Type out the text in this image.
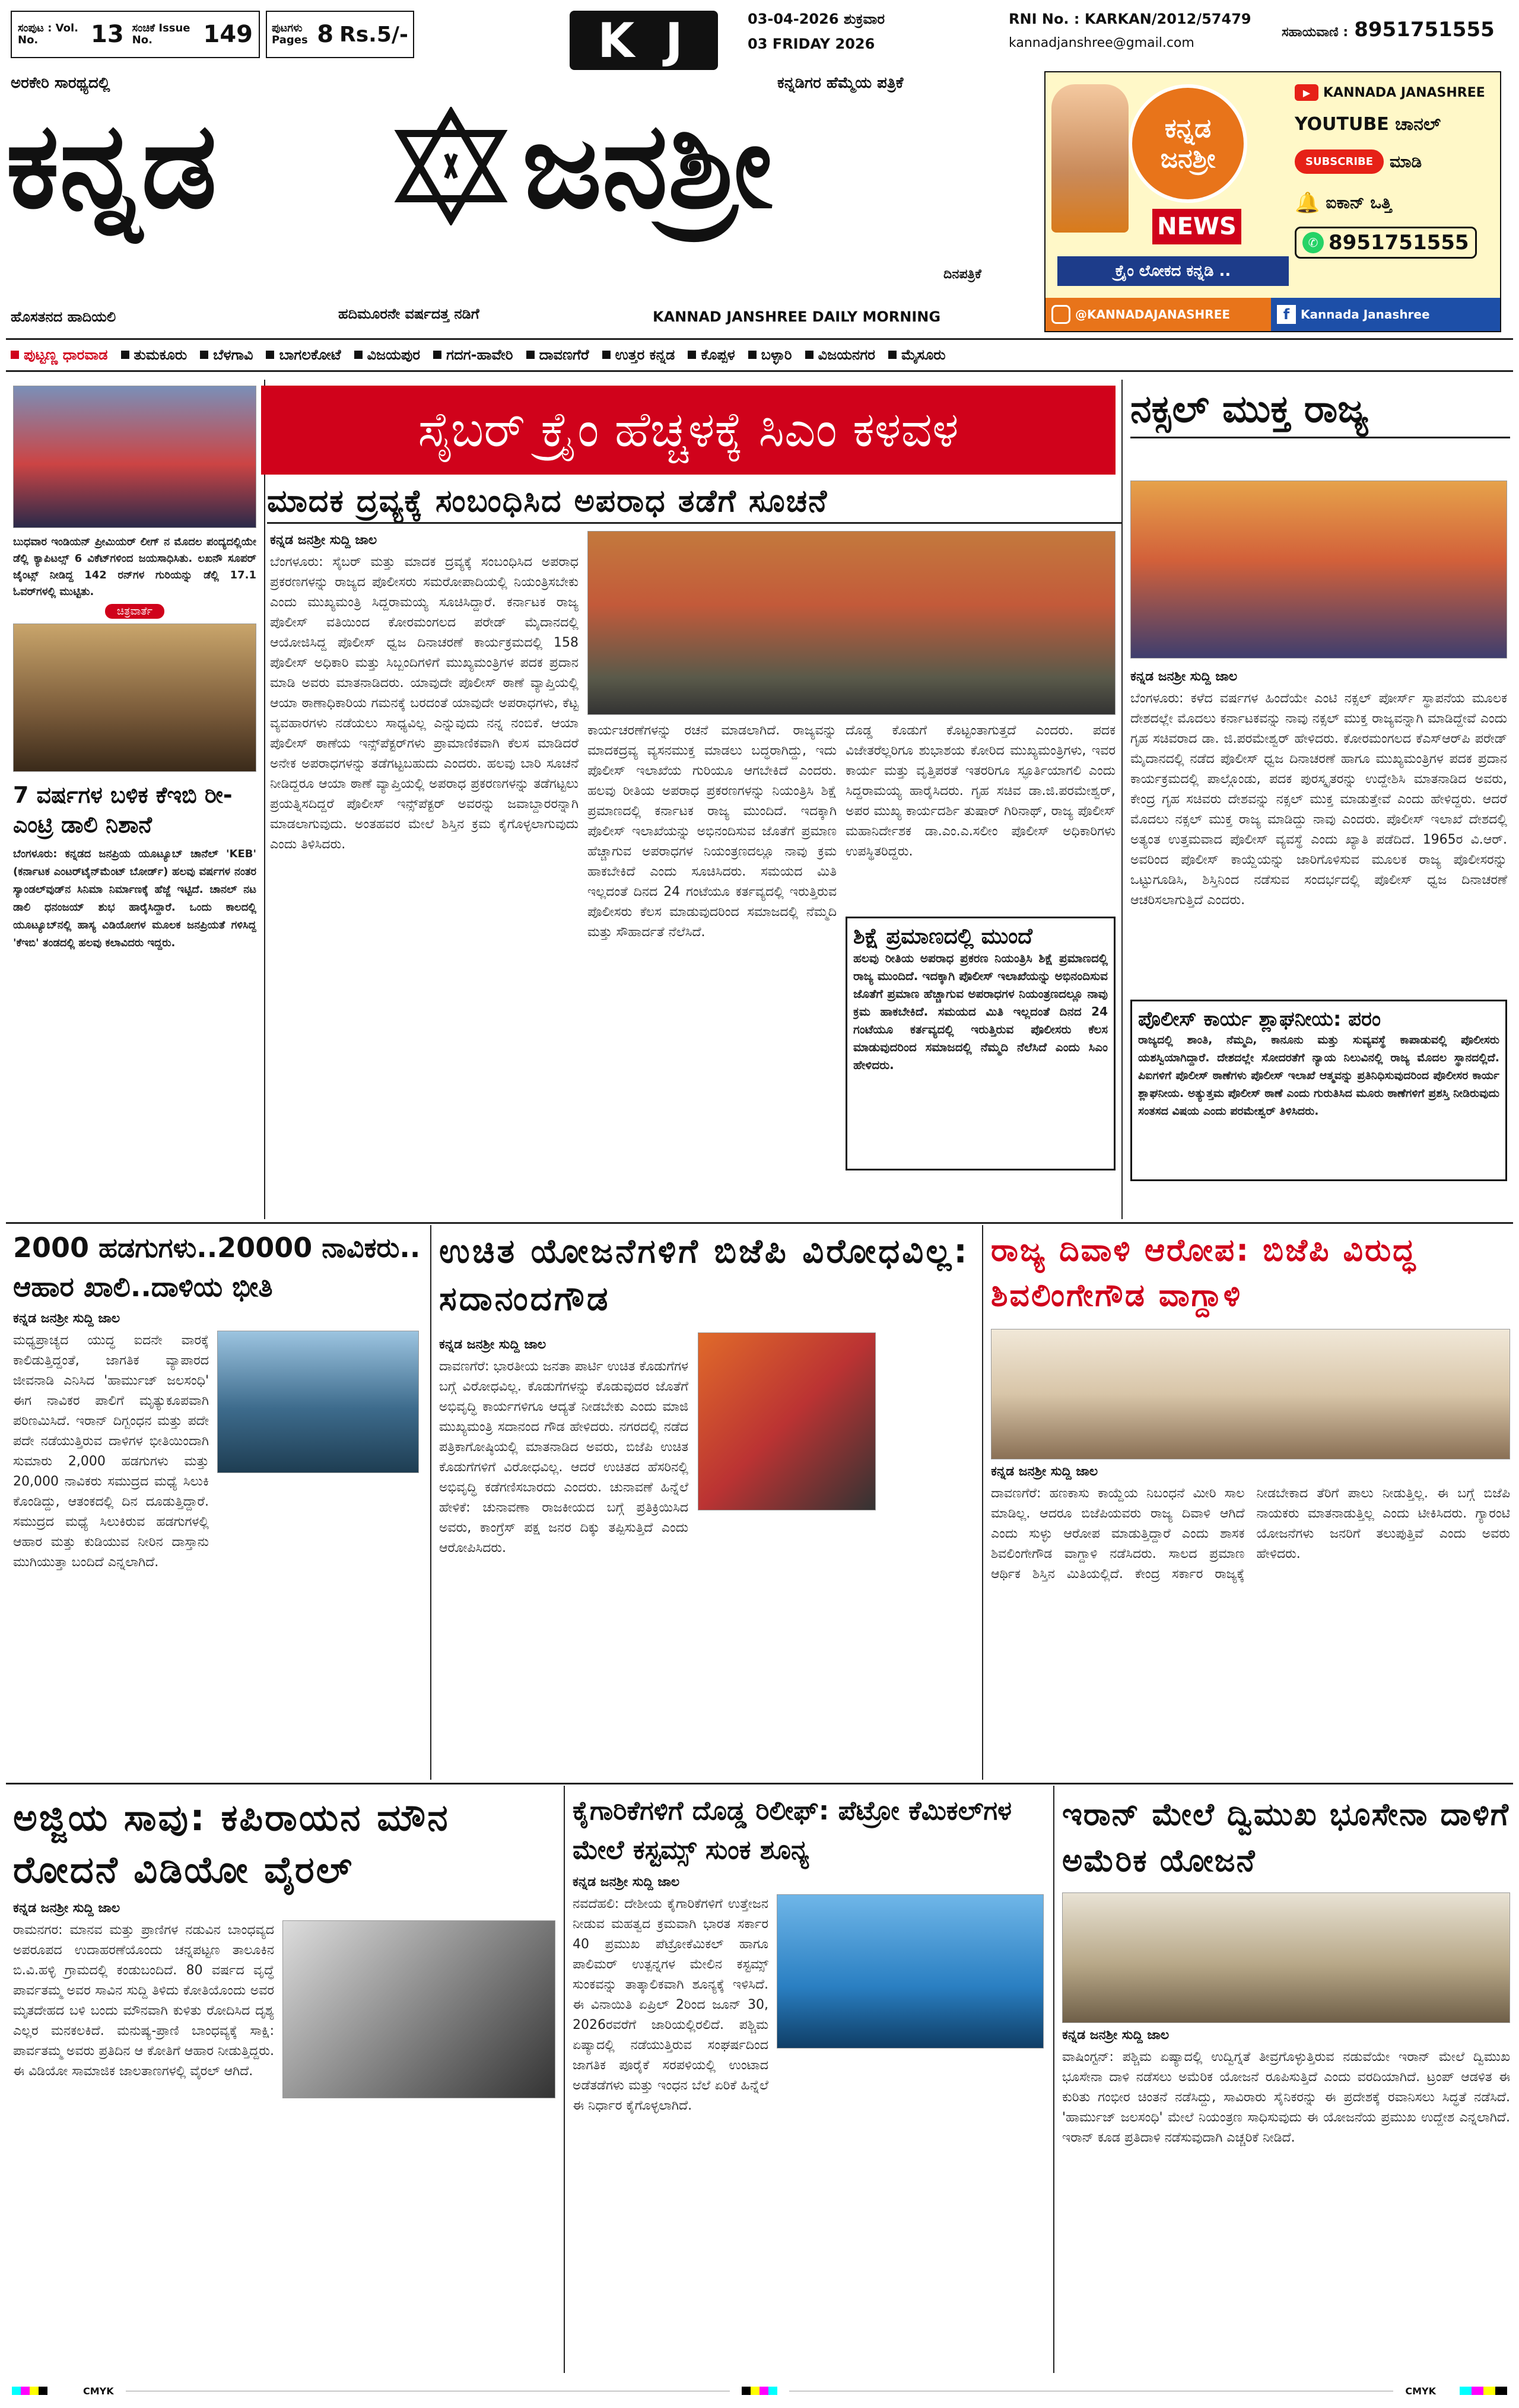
ಸಂಪುಟ : Vol. No.	13 ಸಂಚಿಕೆ Issue No.	149 ಪುಟಗಳು Pages 8 Rs.5/-	K J	03-04-2026 ಶುಕ್ರವಾರ
03 FRIDAY 2026
RNI No. : KARKAN/2012/57479
kannadjanshree@gmail.com
ಸಹಾಯವಾಣಿ : 8951751555
ಅರಕೇರಿ ಸಾರಥ್ಯದಲ್ಲಿ	ಕನ್ನಡಿಗರ ಹೆಮ್ಮೆಯ ಪತ್ರಿಕೆ
ಕನ್ನಡ	ಜನಶ್ರೀ
ದಿನಪತ್ರಿಕೆ
ಹೊಸತನದ ಹಾದಿಯಲಿ	ಹದಿಮೂರನೇ ವರ್ಷದತ್ತ ನಡಿಗೆ	KANNAD JANSHREE DAILY MORNING
ಕನ್ನಡ
ಜನಶ್ರೀ
NEWS
ಕ್ರೈಂ ಲೋಕದ ಕನ್ನಡಿ ..
▶ KANNADA JANASHREE
YOUTUBE ಚಾನಲ್
SUBSCRIBE	ಮಾಡಿ
🔔 ಐಕಾನ್ ಒತ್ತಿ
✆ 8951751555
@KANNADAJANASHREE	f Kannada Janashree
ಪುಟ್ಟಣ್ಣ ಧಾರವಾಡ	ತುಮಕೂರು	ಬೆಳಗಾವಿ	ಬಾಗಲಕೋಟೆ	ವಿಜಯಪುರ	ಗದಗ-ಹಾವೇರಿ	ದಾವಣಗೆರೆ	ಉತ್ತರ ಕನ್ನಡ	ಕೊಪ್ಪಳ	ಬಳ್ಳಾರಿ	ವಿಜಯನಗರ	ಮೈಸೂರು
ಬುಧವಾರ ಇಂಡಿಯನ್ ಪ್ರೀಮಿಯರ್ ಲೀಗ್ ನ ಮೊದಲ ಪಂದ್ಯದಲ್ಲಿಯೇ ಡೆಲ್ಲಿ ಕ್ಯಾಪಿಟಲ್ಸ್ 6 ವಿಕೆಟ್‌ಗಳಿಂದ ಜಯಸಾಧಿಸಿತು. ಲಖನೌ ಸೂಪರ್ ಜೈಂಟ್ಸ್ ನೀಡಿದ್ದ 142 ರನ್‌ಗಳ ಗುರಿಯನ್ನು ಡೆಲ್ಲಿ 17.1 ಓವರ್‌ಗಳಲ್ಲಿ ಮುಟ್ಟಿತು.
ಚಿತ್ರವಾರ್ತೆ
7 ವರ್ಷಗಳ ಬಳಿಕ ಕೆಇಬಿ ರೀ-ಎಂಟ್ರಿ ಡಾಲಿ ನಿಶಾನೆ
ಬೆಂಗಳೂರು: ಕನ್ನಡದ ಜನಪ್ರಿಯ ಯೂಟ್ಯೂಬ್ ಚಾನೆಲ್ 'KEB' (ಕರ್ನಾಟಕ ಎಂಟರ್‌ಟೈನ್‌ಮೆಂಟ್ ಬೋರ್ಡ್) ಹಲವು ವರ್ಷಗಳ ನಂತರ ಸ್ಯಾಂಡಲ್‌ವುಡ್‌ನ ಸಿನಿಮಾ ನಿರ್ಮಾಣಕ್ಕೆ ಹೆಜ್ಜೆ ಇಟ್ಟಿದೆ. ಚಾನಲ್ ನಟ ಡಾಲಿ ಧನಂಜಯ್ ಶುಭ ಹಾರೈಸಿದ್ದಾರೆ. ಒಂದು ಕಾಲದಲ್ಲಿ ಯೂಟ್ಯೂಬ್‌ನಲ್ಲಿ ಹಾಸ್ಯ ವಿಡಿಯೋಗಳ ಮೂಲಕ ಜನಪ್ರಿಯತೆ ಗಳಿಸಿದ್ದ 'ಕೆಇಬಿ' ತಂಡದಲ್ಲಿ ಹಲವು ಕಲಾವಿದರು ಇದ್ದರು.
ಸೈಬರ್ ಕ್ರೈಂ ಹೆಚ್ಚಳಕ್ಕೆ ಸಿಎಂ ಕಳವಳ
ಮಾದಕ ದ್ರವ್ಯಕ್ಕೆ ಸಂಬಂಧಿಸಿದ ಅಪರಾಧ ತಡೆಗೆ ಸೂಚನೆ
ಕನ್ನಡ ಜನಶ್ರೀ ಸುದ್ದಿ ಜಾಲ
ಬೆಂಗಳೂರು: ಸೈಬರ್ ಮತ್ತು ಮಾದಕ ದ್ರವ್ಯಕ್ಕೆ ಸಂಬಂಧಿಸಿದ ಅಪರಾಧ ಪ್ರಕರಣಗಳನ್ನು ರಾಜ್ಯದ ಪೊಲೀಸರು ಸಮರೋಪಾದಿಯಲ್ಲಿ ನಿಯಂತ್ರಿಸಬೇಕು ಎಂದು ಮುಖ್ಯಮಂತ್ರಿ ಸಿದ್ದರಾಮಯ್ಯ ಸೂಚಿಸಿದ್ದಾರೆ. ಕರ್ನಾಟಕ ರಾಜ್ಯ ಪೊಲೀಸ್ ವತಿಯಿಂದ ಕೋರಮಂಗಲದ ಪರೇಡ್ ಮೈದಾನದಲ್ಲಿ ಆಯೋಜಿಸಿದ್ದ ಪೊಲೀಸ್ ಧ್ವಜ ದಿನಾಚರಣೆ ಕಾರ್ಯಕ್ರಮದಲ್ಲಿ 158 ಪೊಲೀಸ್ ಅಧಿಕಾರಿ ಮತ್ತು ಸಿಬ್ಬಂದಿಗಳಿಗೆ ಮುಖ್ಯಮಂತ್ರಿಗಳ ಪದಕ ಪ್ರದಾನ ಮಾಡಿ ಅವರು ಮಾತನಾಡಿದರು. ಯಾವುದೇ ಪೊಲೀಸ್ ಠಾಣೆ ವ್ಯಾಪ್ತಿಯಲ್ಲಿ ಆಯಾ ಠಾಣಾಧಿಕಾರಿಯ ಗಮನಕ್ಕೆ ಬರದಂತೆ ಯಾವುದೇ ಅಪರಾಧಗಳು, ಕೆಟ್ಟ ವ್ಯವಹಾರಗಳು ನಡೆಯಲು ಸಾಧ್ಯವಿಲ್ಲ ಎನ್ನುವುದು ನನ್ನ ನಂಬಿಕೆ. ಆಯಾ ಪೊಲೀಸ್ ಠಾಣೆಯ ಇನ್ಸ್‌ಪೆಕ್ಟರ್‌ಗಳು ಪ್ರಾಮಾಣಿಕವಾಗಿ ಕೆಲಸ ಮಾಡಿದರೆ ಅನೇಕ ಅಪರಾಧಗಳನ್ನು ತಡೆಗಟ್ಟಬಹುದು ಎಂದರು. ಹಲವು ಬಾರಿ ಸೂಚನೆ ನೀಡಿದ್ದರೂ ಆಯಾ ಠಾಣೆ ವ್ಯಾಪ್ತಿಯಲ್ಲಿ ಅಪರಾಧ ಪ್ರಕರಣಗಳನ್ನು ತಡೆಗಟ್ಟಲು ಪ್ರಯತ್ನಿಸದಿದ್ದರೆ ಪೊಲೀಸ್ ಇನ್ಸ್‌ಪೆಕ್ಟರ್ ಅವರನ್ನು ಜವಾಬ್ದಾರರನ್ನಾಗಿ ಮಾಡಲಾಗುವುದು. ಅಂತಹವರ ಮೇಲೆ ಶಿಸ್ತಿನ ಕ್ರಮ ಕೈಗೊಳ್ಳಲಾಗುವುದು ಎಂದು ತಿಳಿಸಿದರು.
ಕಾರ್ಯಚರಣೆಗಳನ್ನು ರಚನೆ ಮಾಡಲಾಗಿದೆ. ರಾಜ್ಯವನ್ನು ಮಾದಕದ್ರವ್ಯ ವ್ಯಸನಮುಕ್ತ ಮಾಡಲು ಬದ್ಧರಾಗಿದ್ದು, ಇದು ಪೊಲೀಸ್ ಇಲಾಖೆಯ ಗುರಿಯೂ ಆಗಬೇಕಿದೆ ಎಂದರು. ಹಲವು ರೀತಿಯ ಅಪರಾಧ ಪ್ರಕರಣಗಳನ್ನು ನಿಯಂತ್ರಿಸಿ ಶಿಕ್ಷೆ ಪ್ರಮಾಣದಲ್ಲಿ ಕರ್ನಾಟಕ ರಾಜ್ಯ ಮುಂದಿದೆ. ಇದಕ್ಕಾಗಿ ಪೊಲೀಸ್ ಇಲಾಖೆಯನ್ನು ಅಭಿನಂದಿಸುವ ಜೊತೆಗೆ ಪ್ರಮಾಣ ಹೆಚ್ಚಾಗುವ ಅಪರಾಧಗಳ ನಿಯಂತ್ರಣದಲ್ಲೂ ನಾವು ಕ್ರಮ ಹಾಕಬೇಕಿದೆ ಎಂದು ಸೂಚಿಸಿದರು. ಸಮಯದ ಮಿತಿ ಇಲ್ಲದಂತೆ ದಿನದ 24 ಗಂಟೆಯೂ ಕರ್ತವ್ಯದಲ್ಲಿ ಇರುತ್ತಿರುವ ಪೊಲೀಸರು ಕೆಲಸ ಮಾಡುವುದರಿಂದ ಸಮಾಜದಲ್ಲಿ ನೆಮ್ಮದಿ ಮತ್ತು ಸೌಹಾರ್ದತೆ ನೆಲೆಸಿದೆ.
ದೊಡ್ಡ ಕೊಡುಗೆ ಕೊಟ್ಟಂತಾಗುತ್ತದೆ ಎಂದರು. ಪದಕ ವಿಜೇತರೆಲ್ಲರಿಗೂ ಶುಭಾಶಯ ಕೋರಿದ ಮುಖ್ಯಮಂತ್ರಿಗಳು, ಇವರ ಕಾರ್ಯ ಮತ್ತು ವೃತ್ತಿಪರತೆ ಇತರರಿಗೂ ಸ್ಫೂರ್ತಿಯಾಗಲಿ ಎಂದು ಸಿದ್ದರಾಮಯ್ಯ ಹಾರೈಸಿದರು. ಗೃಹ ಸಚಿವ ಡಾ.ಜಿ.ಪರಮೇಶ್ವರ್, ಅಪರ ಮುಖ್ಯ ಕಾರ್ಯದರ್ಶಿ ತುಷಾರ್ ಗಿರಿನಾಥ್, ರಾಜ್ಯ ಪೊಲೀಸ್ ಮಹಾನಿರ್ದೇಶಕ ಡಾ.ಎಂ.ಎ.ಸಲೀಂ ಪೊಲೀಸ್ ಅಧಿಕಾರಿಗಳು ಉಪಸ್ಥಿತರಿದ್ದರು.
ಶಿಕ್ಷೆ ಪ್ರಮಾಣದಲ್ಲಿ ಮುಂದೆ
ಹಲವು ರೀತಿಯ ಅಪರಾಧ ಪ್ರಕರಣ ನಿಯಂತ್ರಿಸಿ ಶಿಕ್ಷೆ ಪ್ರಮಾಣದಲ್ಲಿ ರಾಜ್ಯ ಮುಂದಿದೆ. ಇದಕ್ಕಾಗಿ ಪೊಲೀಸ್ ಇಲಾಖೆಯನ್ನು ಅಭಿನಂದಿಸುವ ಜೊತೆಗೆ ಪ್ರಮಾಣ ಹೆಚ್ಚಾಗುವ ಅಪರಾಧಗಳ ನಿಯಂತ್ರಣದಲ್ಲೂ ನಾವು ಕ್ರಮ ಹಾಕಬೇಕಿದೆ. ಸಮಯದ ಮಿತಿ ಇಲ್ಲದಂತೆ ದಿನದ 24 ಗಂಟೆಯೂ ಕರ್ತವ್ಯದಲ್ಲಿ ಇರುತ್ತಿರುವ ಪೊಲೀಸರು ಕೆಲಸ ಮಾಡುವುದರಿಂದ ಸಮಾಜದಲ್ಲಿ ನೆಮ್ಮದಿ ನೆಲೆಸಿದೆ ಎಂದು ಸಿಎಂ ಹೇಳಿದರು.
ನಕ್ಸಲ್ ಮುಕ್ತ ರಾಜ್ಯ
ಕನ್ನಡ ಜನಶ್ರೀ ಸುದ್ದಿ ಜಾಲ
ಬೆಂಗಳೂರು: ಕಳೆದ ವರ್ಷಗಳ ಹಿಂದೆಯೇ ಎಂಟಿ ನಕ್ಸಲ್ ಪೋರ್ಸ್ ಸ್ಥಾಪನೆಯ ಮೂಲಕ ದೇಶದಲ್ಲೇ ಮೊದಲು ಕರ್ನಾಟಕವನ್ನು ನಾವು ನಕ್ಸಲ್ ಮುಕ್ತ ರಾಜ್ಯವನ್ನಾಗಿ ಮಾಡಿದ್ದೇವೆ ಎಂದು ಗೃಹ ಸಚಿವರಾದ ಡಾ. ಜಿ.ಪರಮೇಶ್ವರ್ ಹೇಳಿದರು. ಕೋರಮಂಗಲದ ಕೆಎಸ್‌ಆರ್‌ಪಿ ಪರೇಡ್ ಮೈದಾನದಲ್ಲಿ ನಡೆದ ಪೊಲೀಸ್ ಧ್ವಜ ದಿನಾಚರಣೆ ಹಾಗೂ ಮುಖ್ಯಮಂತ್ರಿಗಳ ಪದಕ ಪ್ರದಾನ ಕಾರ್ಯಕ್ರಮದಲ್ಲಿ ಪಾಲ್ಗೊಂಡು, ಪದಕ ಪುರಸ್ಕೃತರನ್ನು ಉದ್ದೇಶಿಸಿ ಮಾತನಾಡಿದ ಅವರು, ಕೇಂದ್ರ ಗೃಹ ಸಚಿವರು ದೇಶವನ್ನು ನಕ್ಸಲ್ ಮುಕ್ತ ಮಾಡುತ್ತೇವೆ ಎಂದು ಹೇಳಿದ್ದರು. ಆದರೆ ಮೊದಲು ನಕ್ಸಲ್ ಮುಕ್ತ ರಾಜ್ಯ ಮಾಡಿದ್ದು ನಾವು ಎಂದರು. ಪೊಲೀಸ್ ಇಲಾಖೆ ದೇಶದಲ್ಲಿ ಅತ್ಯಂತ ಉತ್ತಮವಾದ ಪೊಲೀಸ್ ವ್ಯವಸ್ಥೆ ಎಂದು ಖ್ಯಾತಿ ಪಡೆದಿದೆ. 1965ರ ವಿ.ಆರ್. ಅವರಿಂದ ಪೊಲೀಸ್ ಕಾಯ್ದೆಯನ್ನು ಜಾರಿಗೊಳಿಸುವ ಮೂಲಕ ರಾಜ್ಯ ಪೊಲೀಸರನ್ನು ಒಟ್ಟುಗೂಡಿಸಿ, ಶಿಸ್ತಿನಿಂದ ನಡೆಸುವ ಸಂದರ್ಭದಲ್ಲಿ ಪೊಲೀಸ್ ಧ್ವಜ ದಿನಾಚರಣೆ ಆಚರಿಸಲಾಗುತ್ತಿದೆ ಎಂದರು.
ಪೊಲೀಸ್ ಕಾರ್ಯ ಶ್ಲಾಘನೀಯ: ಪರಂ
ರಾಜ್ಯದಲ್ಲಿ ಶಾಂತಿ, ನೆಮ್ಮದಿ, ಕಾನೂನು ಮತ್ತು ಸುವ್ಯವಸ್ಥೆ ಕಾಪಾಡುವಲ್ಲಿ ಪೊಲೀಸರು ಯಶಸ್ವಿಯಾಗಿದ್ದಾರೆ. ದೇಶದಲ್ಲೇ ಸೋದರತೆಗೆ ನ್ಯಾಯ ನಿಲುವಿನಲ್ಲಿ ರಾಜ್ಯ ಮೊದಲ ಸ್ಥಾನದಲ್ಲಿದೆ. ಪಿಐಗಳಿಗೆ ಪೊಲೀಸ್ ಠಾಣೆಗಳು ಪೊಲೀಸ್ ಇಲಾಖೆ ಆತ್ಮವನ್ನು ಪ್ರತಿನಿಧಿಸುವುದರಿಂದ ಪೊಲೀಸರ ಕಾರ್ಯ ಶ್ಲಾಘನೀಯ. ಅತ್ಯುತ್ತಮ ಪೊಲೀಸ್ ಠಾಣೆ ಎಂದು ಗುರುತಿಸಿದ ಮೂರು ಠಾಣೆಗಳಿಗೆ ಪ್ರಶಸ್ತಿ ನೀಡಿರುವುದು ಸಂತಸದ ವಿಷಯ ಎಂದು ಪರಮೇಶ್ವರ್ ತಿಳಿಸಿದರು.
2000 ಹಡಗುಗಳು..20000 ನಾವಿಕರು.. ಆಹಾರ ಖಾಲಿ..ದಾಳಿಯ ಭೀತಿ
ಕನ್ನಡ ಜನಶ್ರೀ ಸುದ್ದಿ ಜಾಲ
ಮಧ್ಯಪ್ರಾಚ್ಯದ ಯುದ್ಧ ಐದನೇ ವಾರಕ್ಕೆ ಕಾಲಿಡುತ್ತಿದ್ದಂತೆ, ಜಾಗತಿಕ ವ್ಯಾಪಾರದ ಜೀವನಾಡಿ ಎನಿಸಿದ 'ಹಾರ್ಮುಜ್ ಜಲಸಂಧಿ' ಈಗ ನಾವಿಕರ ಪಾಲಿಗೆ ಮೃತ್ಯುಕೂಪವಾಗಿ ಪರಿಣಮಿಸಿದೆ. ಇರಾನ್ ದಿಗ್ಬಂಧನ ಮತ್ತು ಪದೇ ಪದೇ ನಡೆಯುತ್ತಿರುವ ದಾಳಿಗಳ ಭೀತಿಯಿಂದಾಗಿ ಸುಮಾರು 2,000 ಹಡಗುಗಳು ಮತ್ತು 20,000 ನಾವಿಕರು ಸಮುದ್ರದ ಮಧ್ಯೆ ಸಿಲುಕಿ ಕೊಂಡಿದ್ದು, ಆತಂಕದಲ್ಲಿ ದಿನ ದೂಡುತ್ತಿದ್ದಾರೆ. ಸಮುದ್ರದ ಮಧ್ಯೆ ಸಿಲುಕಿರುವ ಹಡಗುಗಳಲ್ಲಿ ಆಹಾರ ಮತ್ತು ಕುಡಿಯುವ ನೀರಿನ ದಾಸ್ತಾನು ಮುಗಿಯುತ್ತಾ ಬಂದಿದೆ ಎನ್ನಲಾಗಿದೆ.
ಉಚಿತ ಯೋಜನೆಗಳಿಗೆ ಬಿಜೆಪಿ ವಿರೋಧವಿಲ್ಲ: ಸದಾನಂದಗೌಡ
ಕನ್ನಡ ಜನಶ್ರೀ ಸುದ್ದಿ ಜಾಲ
ದಾವಣಗೆರೆ: ಭಾರತೀಯ ಜನತಾ ಪಾರ್ಟಿ ಉಚಿತ ಕೊಡುಗೆಗಳ ಬಗ್ಗೆ ವಿರೋಧವಿಲ್ಲ. ಕೊಡುಗೆಗಳನ್ನು ಕೊಡುವುದರ ಜೊತೆಗೆ ಅಭಿವೃದ್ಧಿ ಕಾರ್ಯಗಳಿಗೂ ಆದ್ಯತೆ ನೀಡಬೇಕು ಎಂದು ಮಾಜಿ ಮುಖ್ಯಮಂತ್ರಿ ಸದಾನಂದ ಗೌಡ ಹೇಳಿದರು. ನಗರದಲ್ಲಿ ನಡೆದ ಪತ್ರಿಕಾಗೋಷ್ಠಿಯಲ್ಲಿ ಮಾತನಾಡಿದ ಅವರು, ಬಿಜೆಪಿ ಉಚಿತ ಕೊಡುಗೆಗಳಿಗೆ ವಿರೋಧವಿಲ್ಲ. ಆದರೆ ಉಚಿತದ ಹೆಸರಿನಲ್ಲಿ ಅಭಿವೃದ್ಧಿ ಕಡೆಗಣಿಸಬಾರದು ಎಂದರು. ಚುನಾವಣೆ ಹಿನ್ನೆಲೆ ಹೇಳಿಕೆ: ಚುನಾವಣಾ ರಾಜಕೀಯದ ಬಗ್ಗೆ ಪ್ರತಿಕ್ರಿಯಿಸಿದ ಅವರು, ಕಾಂಗ್ರೆಸ್ ಪಕ್ಷ ಜನರ ದಿಕ್ಕು ತಪ್ಪಿಸುತ್ತಿದೆ ಎಂದು ಆರೋಪಿಸಿದರು.
ರಾಜ್ಯ ದಿವಾಳಿ ಆರೋಪ: ಬಿಜೆಪಿ ವಿರುದ್ಧ ಶಿವಲಿಂಗೇಗೌಡ ವಾಗ್ದಾಳಿ
ಕನ್ನಡ ಜನಶ್ರೀ ಸುದ್ದಿ ಜಾಲ
ದಾವಣಗೆರೆ: ಹಣಕಾಸು ಕಾಯ್ದೆಯ ನಿಬಂಧನೆ ಮೀರಿ ಸಾಲ ಮಾಡಿಲ್ಲ. ಆದರೂ ಬಿಜೆಪಿಯವರು ರಾಜ್ಯ ದಿವಾಳಿ ಆಗಿದೆ ಎಂದು ಸುಳ್ಳು ಆರೋಪ ಮಾಡುತ್ತಿದ್ದಾರೆ ಎಂದು ಶಾಸಕ ಶಿವಲಿಂಗೇಗೌಡ ವಾಗ್ದಾಳಿ ನಡೆಸಿದರು. ಸಾಲದ ಪ್ರಮಾಣ ಆರ್ಥಿಕ ಶಿಸ್ತಿನ ಮಿತಿಯಲ್ಲಿದೆ. ಕೇಂದ್ರ ಸರ್ಕಾರ ರಾಜ್ಯಕ್ಕೆ ನೀಡಬೇಕಾದ ತೆರಿಗೆ ಪಾಲು ನೀಡುತ್ತಿಲ್ಲ. ಈ ಬಗ್ಗೆ ಬಿಜೆಪಿ ನಾಯಕರು ಮಾತನಾಡುತ್ತಿಲ್ಲ ಎಂದು ಟೀಕಿಸಿದರು. ಗ್ಯಾರಂಟಿ ಯೋಜನೆಗಳು ಜನರಿಗೆ ತಲುಪುತ್ತಿವೆ ಎಂದು ಅವರು ಹೇಳಿದರು.
ಅಜ್ಜಿಯ ಸಾವು: ಕಪಿರಾಯನ ಮೌನ ರೋದನೆ ವಿಡಿಯೋ ವೈರಲ್
ಕನ್ನಡ ಜನಶ್ರೀ ಸುದ್ದಿ ಜಾಲ
ರಾಮನಗರ: ಮಾನವ ಮತ್ತು ಪ್ರಾಣಿಗಳ ನಡುವಿನ ಬಾಂಧವ್ಯದ ಅಪರೂಪದ ಉದಾಹರಣೆಯೊಂದು ಚನ್ನಪಟ್ಟಣ ತಾಲೂಕಿನ ಬಿ.ವಿ.ಹಳ್ಳಿ ಗ್ರಾಮದಲ್ಲಿ ಕಂಡುಬಂದಿದೆ. 80 ವರ್ಷದ ವೃದ್ಧೆ ಪಾರ್ವತಮ್ಮ ಅವರ ಸಾವಿನ ಸುದ್ದಿ ತಿಳಿದು ಕೋತಿಯೊಂದು ಅವರ ಮೃತದೇಹದ ಬಳಿ ಬಂದು ಮೌನವಾಗಿ ಕುಳಿತು ರೋದಿಸಿದ ದೃಶ್ಯ ಎಲ್ಲರ ಮನಕಲಕಿದೆ. ಮನುಷ್ಯ-ಪ್ರಾಣಿ ಬಾಂಧವ್ಯಕ್ಕೆ ಸಾಕ್ಷಿ: ಪಾರ್ವತಮ್ಮ ಅವರು ಪ್ರತಿದಿನ ಆ ಕೋತಿಗೆ ಆಹಾರ ನೀಡುತ್ತಿದ್ದರು. ಈ ವಿಡಿಯೋ ಸಾಮಾಜಿಕ ಜಾಲತಾಣಗಳಲ್ಲಿ ವೈರಲ್ ಆಗಿದೆ.
ಕೈಗಾರಿಕೆಗಳಿಗೆ ದೊಡ್ಡ ರಿಲೀಫ್: ಪೆಟ್ರೋ ಕೆಮಿಕಲ್‌ಗಳ ಮೇಲೆ ಕಸ್ಟಮ್ಸ್ ಸುಂಕ ಶೂನ್ಯ
ಕನ್ನಡ ಜನಶ್ರೀ ಸುದ್ದಿ ಜಾಲ
ನವದೆಹಲಿ: ದೇಶೀಯ ಕೈಗಾರಿಕೆಗಳಿಗೆ ಉತ್ತೇಜನ ನೀಡುವ ಮಹತ್ವದ ಕ್ರಮವಾಗಿ ಭಾರತ ಸರ್ಕಾರ 40 ಪ್ರಮುಖ ಪೆಟ್ರೋಕೆಮಿಕಲ್ ಹಾಗೂ ಪಾಲಿಮರ್ ಉತ್ಪನ್ನಗಳ ಮೇಲಿನ ಕಸ್ಟಮ್ಸ್ ಸುಂಕವನ್ನು ತಾತ್ಕಾಲಿಕವಾಗಿ ಶೂನ್ಯಕ್ಕೆ ಇಳಿಸಿದೆ. ಈ ವಿನಾಯಿತಿ ಏಪ್ರಿಲ್ 2ರಿಂದ ಜೂನ್ 30, 2026ರವರೆಗೆ ಜಾರಿಯಲ್ಲಿರಲಿದೆ. ಪಶ್ಚಿಮ ಏಷ್ಯಾದಲ್ಲಿ ನಡೆಯುತ್ತಿರುವ ಸಂಘರ್ಷದಿಂದ ಜಾಗತಿಕ ಪೂರೈಕೆ ಸರಪಳಿಯಲ್ಲಿ ಉಂಟಾದ ಅಡೆತಡೆಗಳು ಮತ್ತು ಇಂಧನ ಬೆಲೆ ಏರಿಕೆ ಹಿನ್ನೆಲೆ ಈ ನಿರ್ಧಾರ ಕೈಗೊಳ್ಳಲಾಗಿದೆ.
ಇರಾನ್ ಮೇಲೆ ದ್ವಿಮುಖ ಭೂಸೇನಾ ದಾಳಿಗೆ ಅಮೆರಿಕ ಯೋಜನೆ
ಕನ್ನಡ ಜನಶ್ರೀ ಸುದ್ದಿ ಜಾಲ
ವಾಷಿಂಗ್ಟನ್: ಪಶ್ಚಿಮ ಏಷ್ಯಾದಲ್ಲಿ ಉದ್ವಿಗ್ನತೆ ತೀವ್ರಗೊಳ್ಳುತ್ತಿರುವ ನಡುವೆಯೇ ಇರಾನ್ ಮೇಲೆ ದ್ವಿಮುಖ ಭೂಸೇನಾ ದಾಳಿ ನಡೆಸಲು ಅಮೆರಿಕ ಯೋಜನೆ ರೂಪಿಸುತ್ತಿದೆ ಎಂದು ವರದಿಯಾಗಿದೆ. ಟ್ರಂಪ್ ಆಡಳಿತ ಈ ಕುರಿತು ಗಂಭೀರ ಚಿಂತನೆ ನಡೆಸಿದ್ದು, ಸಾವಿರಾರು ಸೈನಿಕರನ್ನು ಈ ಪ್ರದೇಶಕ್ಕೆ ರವಾನಿಸಲು ಸಿದ್ಧತೆ ನಡೆಸಿದೆ. 'ಹಾರ್ಮುಜ್ ಜಲಸಂಧಿ' ಮೇಲೆ ನಿಯಂತ್ರಣ ಸಾಧಿಸುವುದು ಈ ಯೋಜನೆಯ ಪ್ರಮುಖ ಉದ್ದೇಶ ಎನ್ನಲಾಗಿದೆ. ಇರಾನ್ ಕೂಡ ಪ್ರತಿದಾಳಿ ನಡೆಸುವುದಾಗಿ ಎಚ್ಚರಿಕೆ ನೀಡಿದೆ.
CMYK	CMYK
